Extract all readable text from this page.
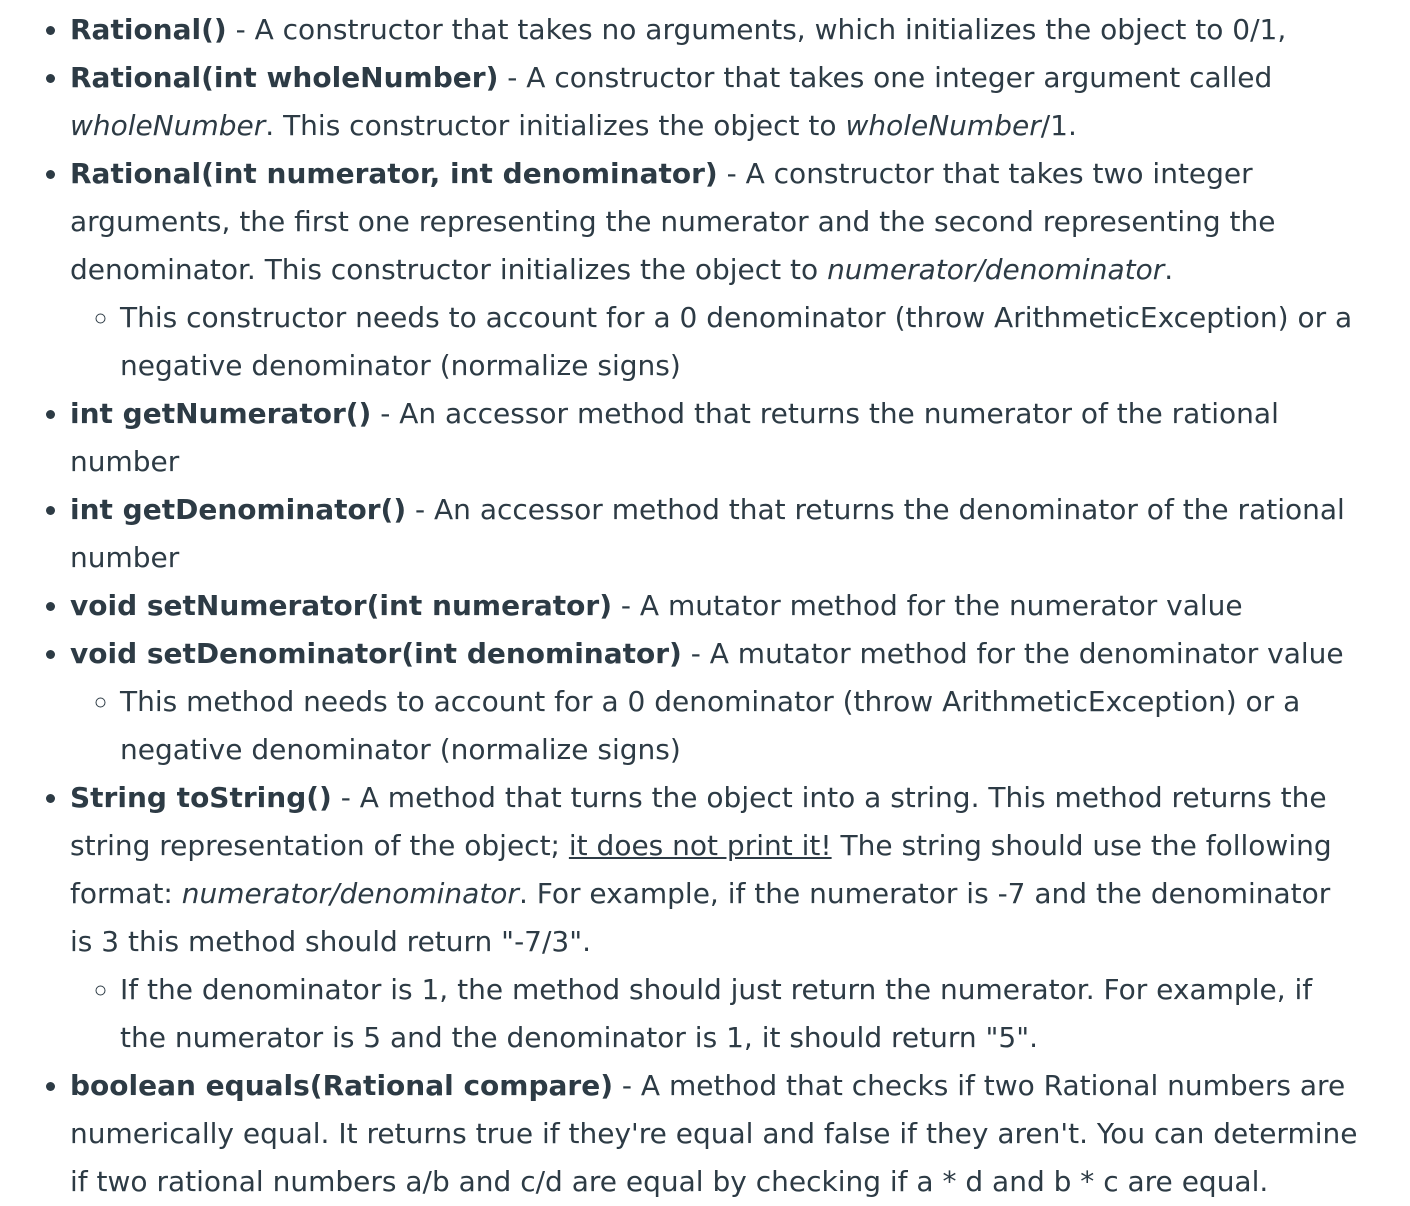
• Rational() - A constructor that takes no arguments, which initializes the object to 0/1,
• Rational(int wholeNumber) - A constructor that takes one integer argument called wholeNumber. This constructor initializes the object to wholeNumber/1.
• Rational(int numerator, int denominator) - A constructor that takes two integer arguments, the first one representing the numerator and the second representing the denominator. This constructor initializes the object to numerator/denominator.
◦ This constructor needs to account for a 0 denominator (throw ArithmeticException) or a negative denominator (normalize signs)
• int getNumerator() - An accessor method that returns the numerator of the rational number
• int getDenominator() - An accessor method that returns the denominator of the rational number
• void setNumerator(int numerator) - A mutator method for the numerator value
• void setDenominator(int denominator) - A mutator method for the denominator value
◦ This method needs to account for a 0 denominator (throw ArithmeticException) or a negative denominator (normalize signs)
• String toString() - A method that turns the object into a string. This method returns the string representation of the object; it does not print it! The string should use the following format: numerator/denominator. For example, if the numerator is -7 and the denominator is 3 this method should return "-7/3".
◦ If the denominator is 1, the method should just return the numerator. For example, if the numerator is 5 and the denominator is 1, it should return "5".
• boolean equals(Rational compare) - A method that checks if two Rational numbers are numerically equal. It returns true if they're equal and false if they aren't. You can determine if two rational numbers a/b and c/d are equal by checking if a * d and b * c are equal.
